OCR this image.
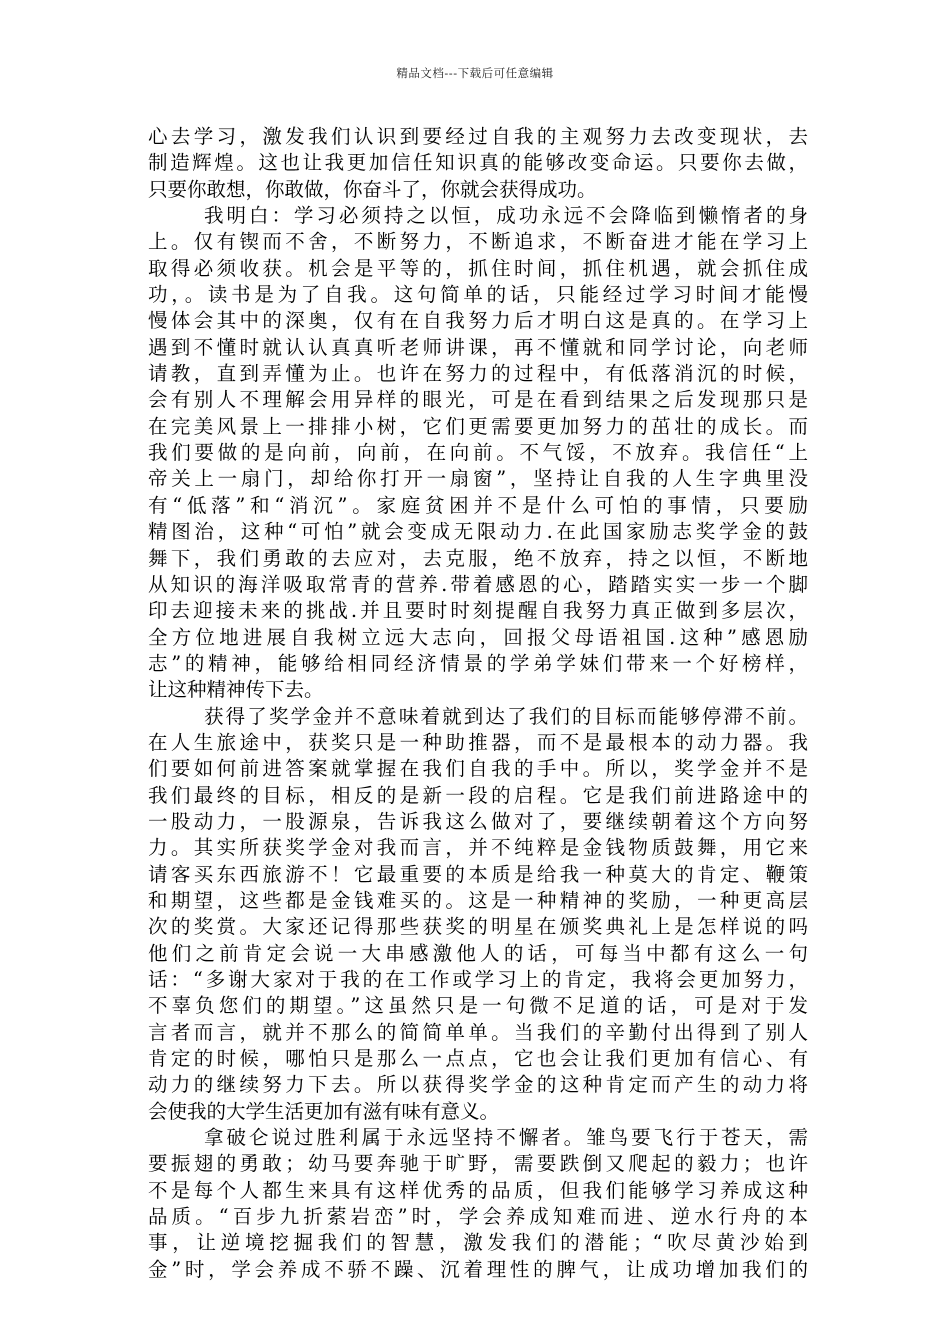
精品文档---下载后可任意编辑
心去学习，激发我们认识到要经过自我的主观努力去改变现状，去
制造辉煌。这也让我更加信任知识真的能够改变命运。只要你去做，
只要你敢想，你敢做，你奋斗了，你就会获得成功。
我明白：学习必须持之以恒，成功永远不会降临到懒惰者的身
上。仅有锲而不舍，不断努力，不断追求，不断奋进才能在学习上
取得必须收获。机会是平等的，抓住时间，抓住机遇，就会抓住成
功，。读书是为了自我。这句简单的话，只能经过学习时间才能慢
慢体会其中的深奥，仅有在自我努力后才明白这是真的。在学习上
遇到不懂时就认认真真听老师讲课，再不懂就和同学讨论，向老师
请教，直到弄懂为止。也许在努力的过程中，有低落消沉的时候，
会有别人不理解会用异样的眼光，可是在看到结果之后发现那只是
在完美风景上一排排小树，它们更需要更加努力的茁壮的成长。而
我们要做的是向前，向前，在向前。不气馁，不放弃。我信任“上
帝关上一扇门，却给你打开一扇窗”，坚持让自我的人生字典里没
有“低落”和“消沉”。家庭贫困并不是什么可怕的事情，只要励
精图治，这种“可怕”就会变成无限动力.在此国家励志奖学金的鼓
舞下，我们勇敢的去应对，去克服，绝不放弃，持之以恒，不断地
从知识的海洋吸取常青的营养.带着感恩的心，踏踏实实一步一个脚
印去迎接未来的挑战.并且要时时刻提醒自我努力真正做到多层次，
全方位地进展自我树立远大志向，回报父母语祖国.这种”感恩励
志”的精神，能够给相同经济情景的学弟学妹们带来一个好榜样，
让这种精神传下去。
获得了奖学金并不意味着就到达了我们的目标而能够停滞不前。
在人生旅途中，获奖只是一种助推器，而不是最根本的动力器。我
们要如何前进答案就掌握在我们自我的手中。所以，奖学金并不是
我们最终的目标，相反的是新一段的启程。它是我们前进路途中的
一股动力，一股源泉，告诉我这么做对了，要继续朝着这个方向努
力。其实所获奖学金对我而言，并不纯粹是金钱物质鼓舞，用它来
请客买东西旅游不！它最重要的本质是给我一种莫大的肯定、鞭策
和期望，这些都是金钱难买的。这是一种精神的奖励，一种更高层
次的奖赏。大家还记得那些获奖的明星在颁奖典礼上是怎样说的吗
他们之前肯定会说一大串感激他人的话，可每当中都有这么一句
话：“多谢大家对于我的在工作或学习上的肯定，我将会更加努力，
不辜负您们的期望。”这虽然只是一句微不足道的话，可是对于发
言者而言，就并不那么的简简单单。当我们的辛勤付出得到了别人
肯定的时候，哪怕只是那么一点点，它也会让我们更加有信心、有
动力的继续努力下去。所以获得奖学金的这种肯定而产生的动力将
会使我的大学生活更加有滋有味有意义。
拿破仑说过胜利属于永远坚持不懈者。雏鸟要飞行于苍天，需
要振翅的勇敢；幼马要奔驰于旷野，需要跌倒又爬起的毅力；也许
不是每个人都生来具有这样优秀的品质，但我们能够学习养成这种
品质。“百步九折萦岩峦”时，学会养成知难而进、逆水行舟的本
事，让逆境挖掘我们的智慧，激发我们的潜能；“吹尽黄沙始到
金”时，学会养成不骄不躁、沉着理性的脾气，让成功增加我们的
